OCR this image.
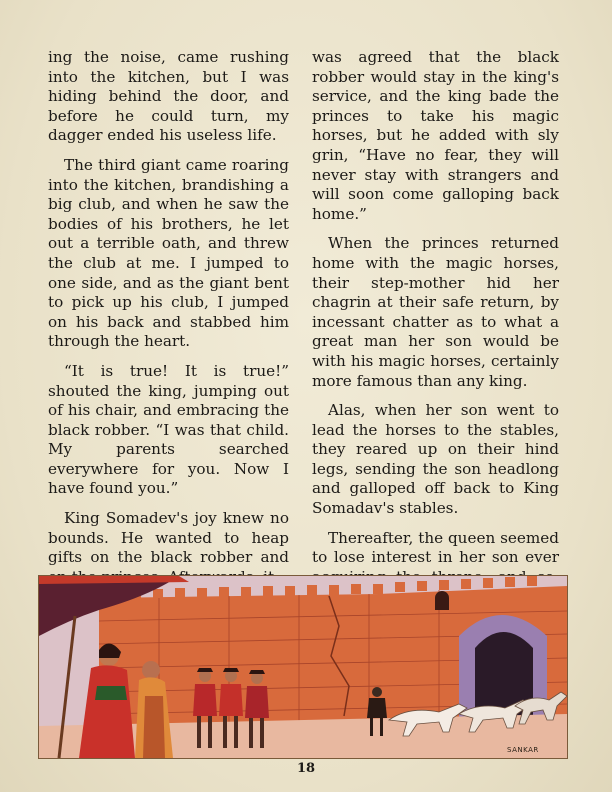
ing the noise, came rushing into the kitchen, but I was hiding behind the door, and before he could turn, my dagger ended his useless life.

The third giant came roaring into the kitchen, brandishing a big club, and when he saw the bodies of his brothers, he let out a terrible oath, and threw the club at me. I jumped to one side, and as the giant bent to pick up his club, I jumped on his back and stabbed him through the heart.

“It is true! It is true!” shouted the king, jumping out of his chair, and embracing the black robber. “I was that child. My parents searched everywhere for you. Now I have found you.”

King Somadev's joy knew no bounds. He wanted to heap gifts on the black robber and

was agreed that the black robber would stay in the king's service, and the king bade the princes to take his magic horses, but he added with sly grin, “Have no fear, they will never stay with strangers and will soon come galloping back home.”

When the princes returned home with the magic horses, their step-mother hid her chagrin at their safe return, by incessant chatter as to what a great man her son would be with his magic horses, certainly more famous than any king.

Alas, when her son went to lead the horses to the stables, they reared up on their hind legs, sending the son headlong and galloped off back to King Somadav's stables.

Thereafter, the queen seemed to lose interest in her son ever

SANKAR
18
